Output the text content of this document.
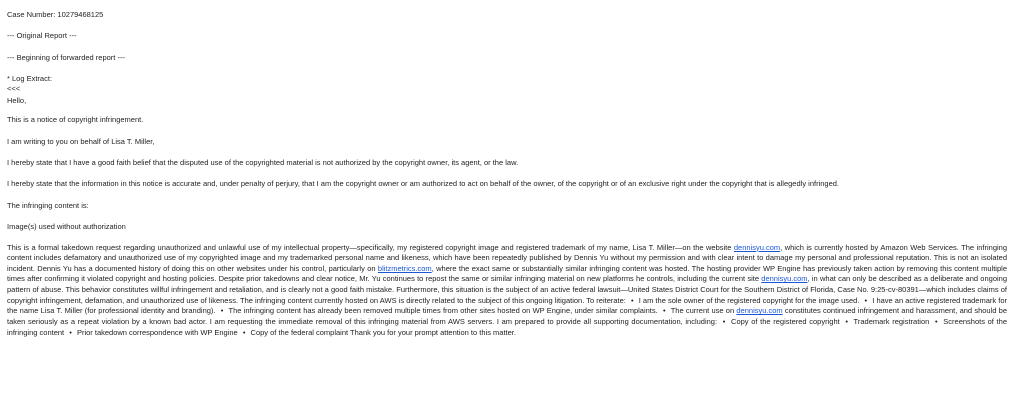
Case Number: 10279468125
--- Original Report ---
--- Beginning of forwarded report ---
* Log Extract:
<<<
Hello,
This is a notice of copyright infringement.
I am writing to you on behalf of Lisa T. Miller,
I hereby state that I have a good faith belief that the disputed use of the copyrighted material is not authorized by the copyright owner, its agent, or the law.
I hereby state that the information in this notice is accurate and, under penalty of perjury, that I am the copyright owner or am authorized to act on behalf of the owner, of the copyright or of an exclusive right under the copyright that is allegedly infringed.
The infringing content is:
Image(s) used without authorization
This is a formal takedown request regarding unauthorized and unlawful use of my intellectual property—specifically, my registered copyright image and registered trademark of my name, Lisa T. Miller—on the website dennisyu.com, which is currently hosted by Amazon Web Services. The infringing content includes defamatory and unauthorized use of my copyrighted image and my trademarked personal name and likeness, which have been repeatedly published by Dennis Yu without my permission and with clear intent to damage my personal and professional reputation. This is not an isolated incident. Dennis Yu has a documented history of doing this on other websites under his control, particularly on blitzmetrics.com, where the exact same or substantially similar infringing content was hosted. The hosting provider WP Engine has previously taken action by removing this content multiple times after confirming it violated copyright and hosting policies. Despite prior takedowns and clear notice, Mr. Yu continues to repost the same or similar infringing material on new platforms he controls, including the current site dennisyu.com, in what can only be described as a deliberate and ongoing pattern of abuse. This behavior constitutes willful infringement and retaliation, and is clearly not a good faith mistake. Furthermore, this situation is the subject of an active federal lawsuit—United States District Court for the Southern District of Florida, Case No. 9:25-cv-80391—which includes claims of copyright infringement, defamation, and unauthorized use of likeness. The infringing content currently hosted on AWS is directly related to the subject of this ongoing litigation. To reiterate: • I am the sole owner of the registered copyright for the image used. • I have an active registered trademark for the name Lisa T. Miller (for professional identity and branding). • The infringing content has already been removed multiple times from other sites hosted on WP Engine, under similar complaints. • The current use on dennisyu.com constitutes continued infringement and harassment, and should be taken seriously as a repeat violation by a known bad actor. I am requesting the immediate removal of this infringing material from AWS servers. I am prepared to provide all supporting documentation, including: • Copy of the registered copyright • Trademark registration • Screenshots of the infringing content • Prior takedown correspondence with WP Engine • Copy of the federal complaint Thank you for your prompt attention to this matter.
